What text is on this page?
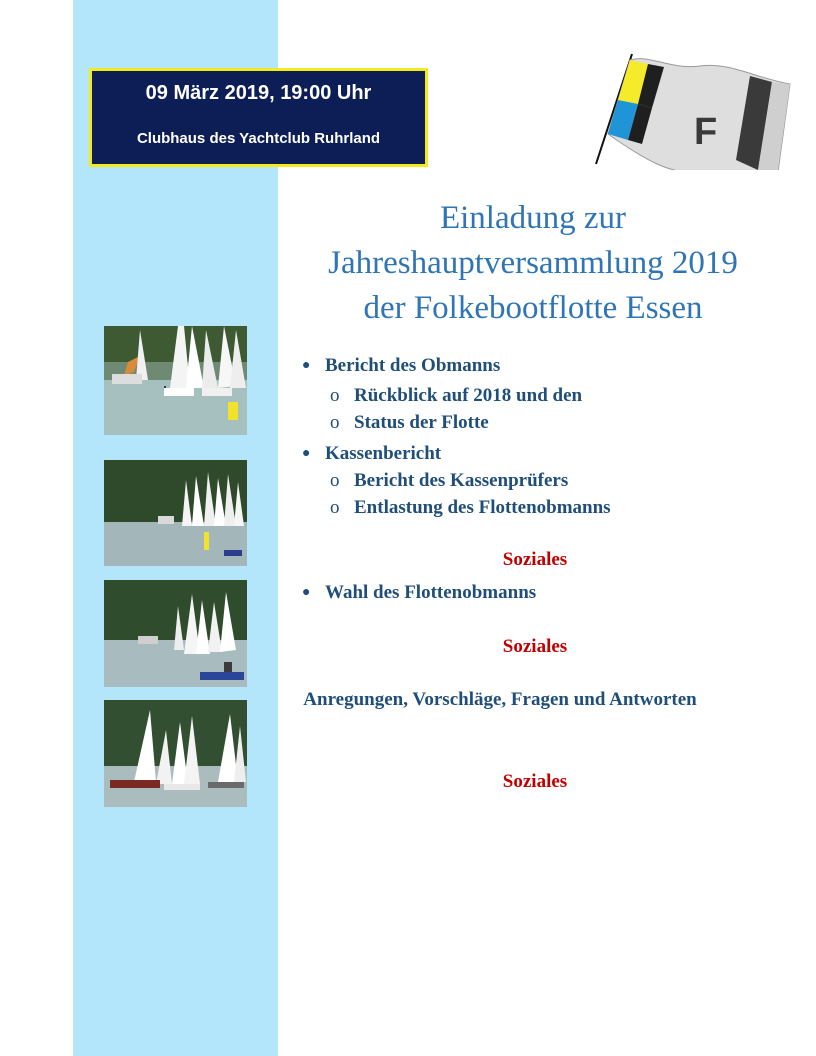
09 März 2019, 19:00 Uhr
Clubhaus des Yachtclub Ruhrland	F
Einladung zur
Jahreshauptversammlung 2019
der Folkebootflotte Essen
● Bericht des Obmanns
o Rückblick auf 2018 und den
o Status der Flotte
● Kassenbericht
o Bericht des Kassenprüfers
o Entlastung des Flottenobmanns
Soziales
● Wahl des Flottenobmanns
Soziales
Anregungen, Vorschläge, Fragen und Antworten
Soziales
